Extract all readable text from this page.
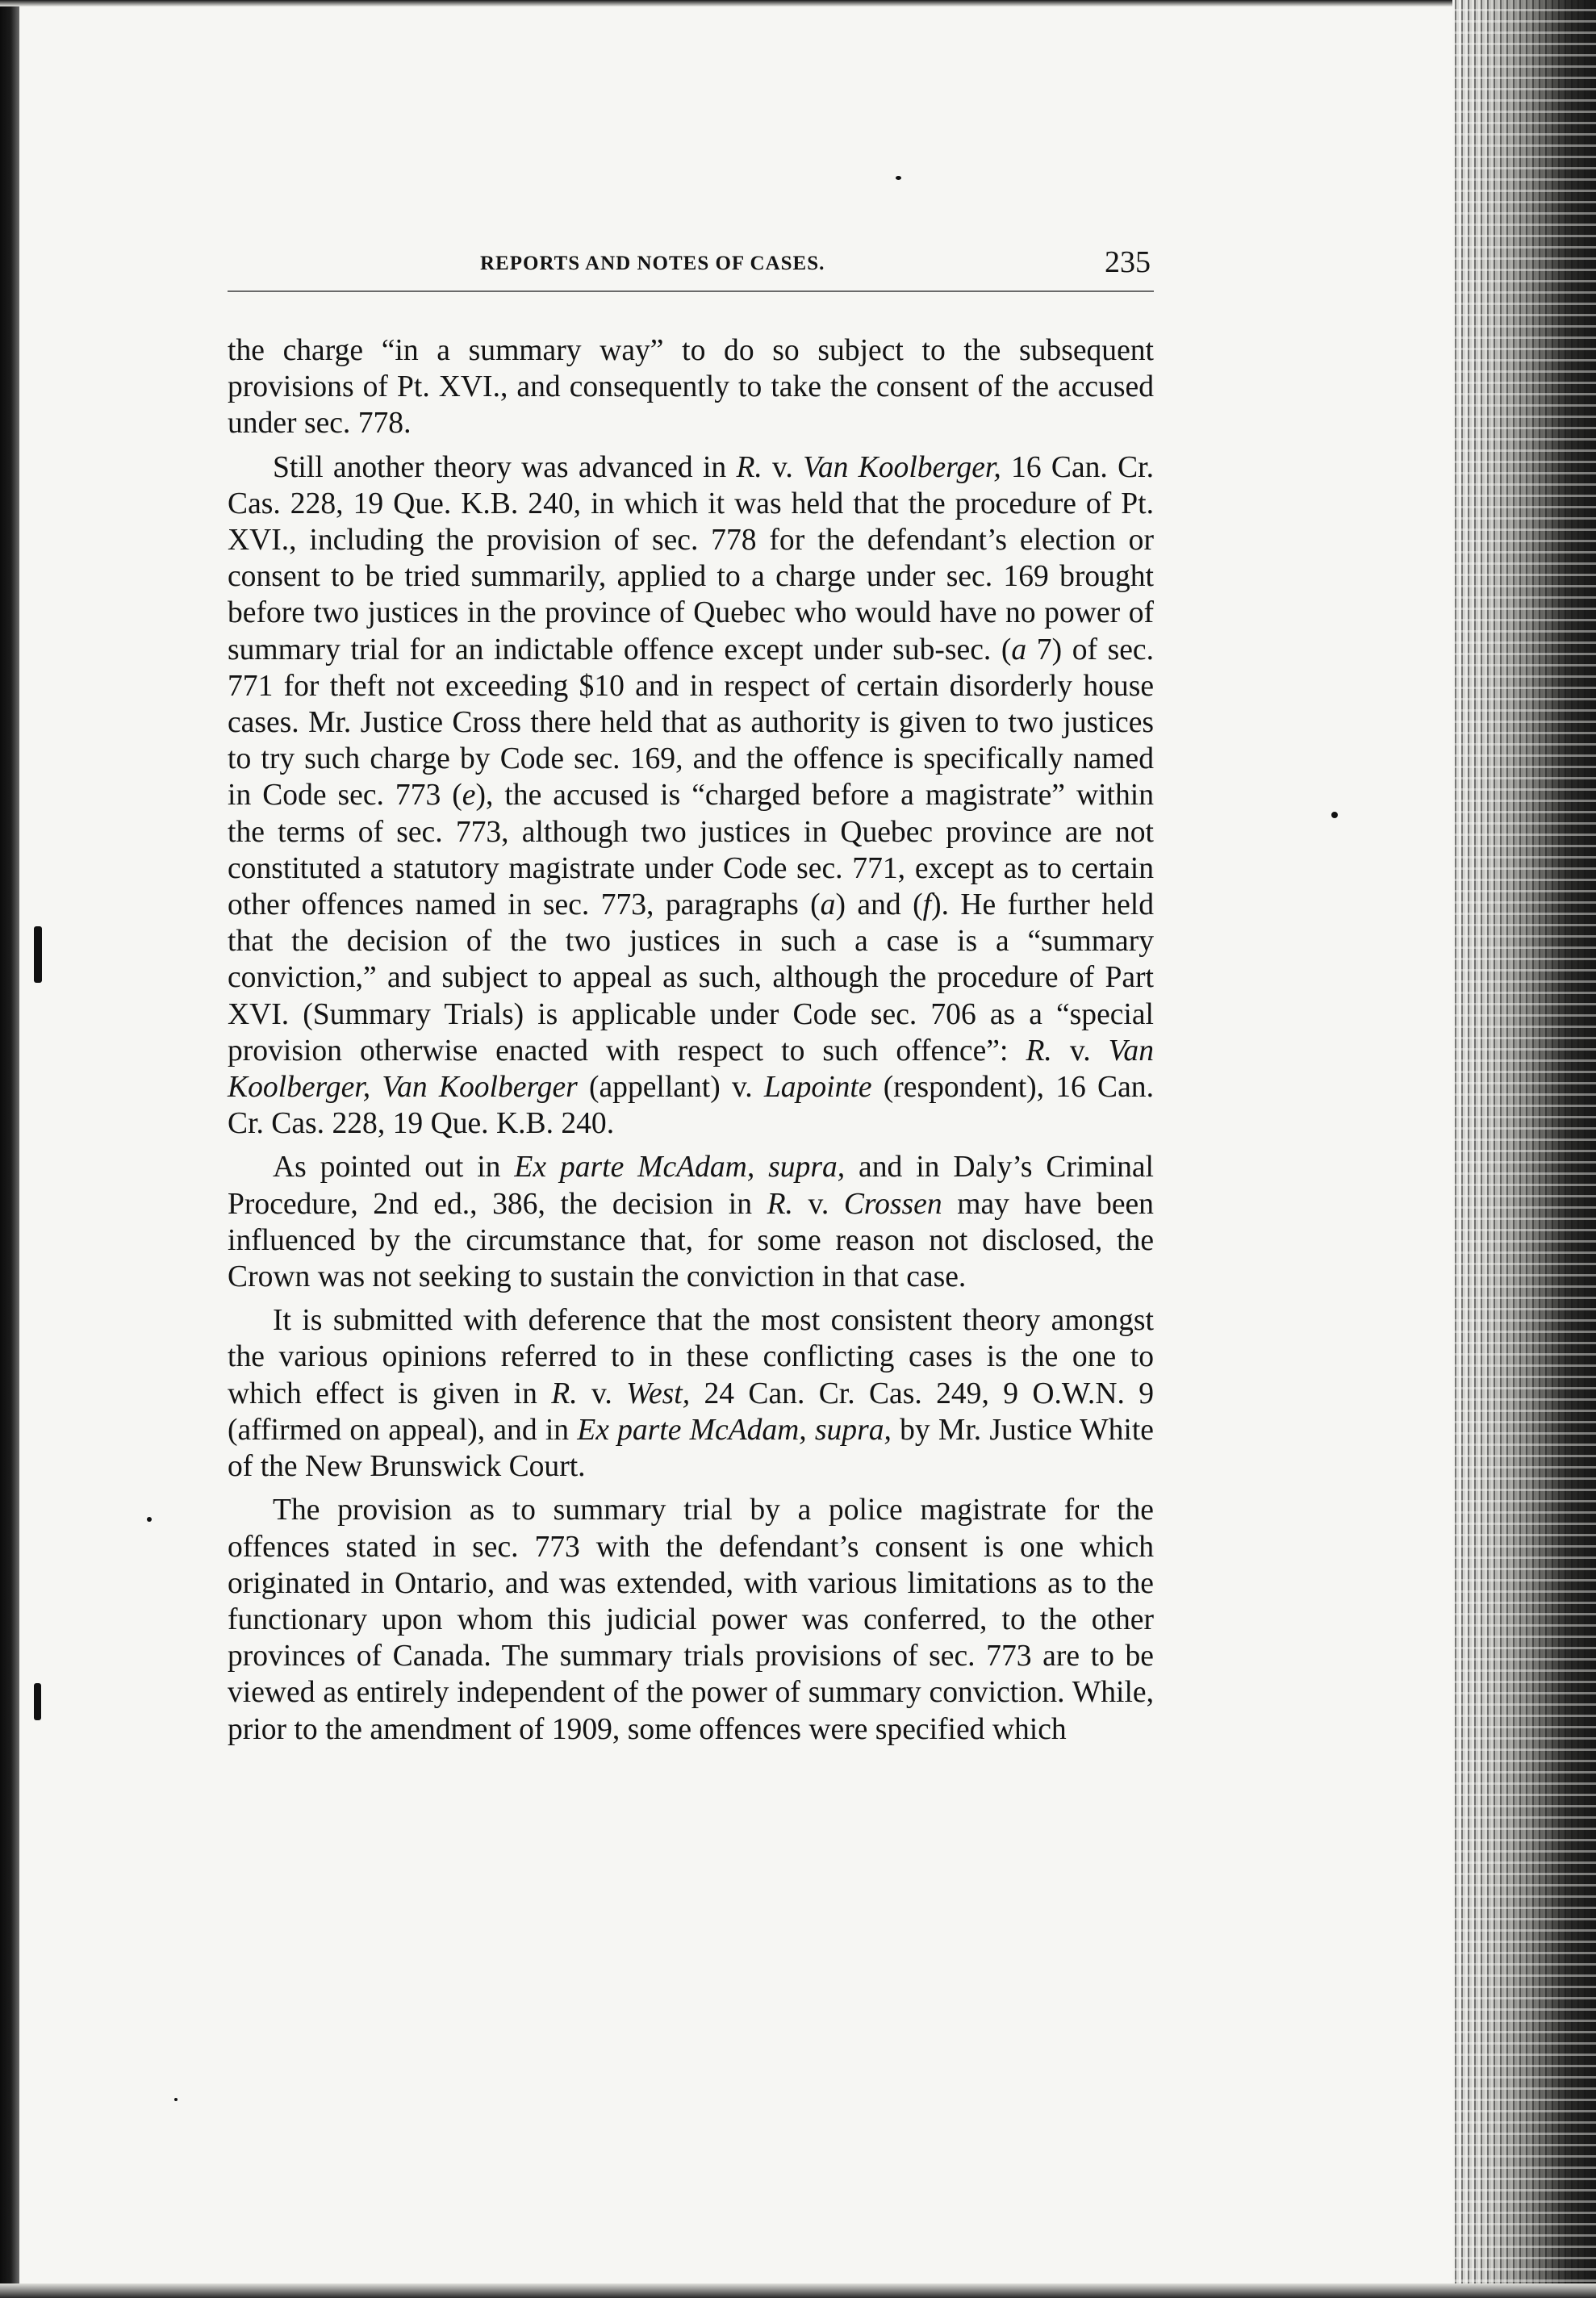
REPORTS AND NOTES OF CASES.	235

the charge “in a summary way” to do so subject to the subsequent provisions of Pt. XVI., and consequently to take the consent of the accused under sec. 778.

Still another theory was advanced in R. v. Van Koolberger, 16 Can. Cr. Cas. 228, 19 Que. K.B. 240, in which it was held that the procedure of Pt. XVI., including the provision of sec. 778 for the defendant’s election or consent to be tried summarily, applied to a charge under sec. 169 brought before two justices in the province of Quebec who would have no power of summary trial for an indictable offence except under sub-sec. (a 7) of sec. 771 for theft not exceeding $10 and in respect of certain disorderly house cases. Mr. Justice Cross there held that as authority is given to two justices to try such charge by Code sec. 169, and the offence is specifically named in Code sec. 773 (e), the accused is “charged before a magistrate” within the terms of sec. 773, although two justices in Quebec province are not constituted a statutory magistrate under Code sec. 771, except as to certain other offences named in sec. 773, paragraphs (a) and (f). He further held that the decision of the two justices in such a case is a “summary conviction,” and subject to appeal as such, although the procedure of Part XVI. (Summary Trials) is applicable under Code sec. 706 as a “special provision otherwise enacted with respect to such offence”: R. v. Van Koolberger, Van Koolberger (appellant) v. Lapointe (respondent), 16 Can. Cr. Cas. 228, 19 Que. K.B. 240.

As pointed out in Ex parte McAdam, supra, and in Daly’s Criminal Procedure, 2nd ed., 386, the decision in R. v. Crossen may have been influenced by the circumstance that, for some reason not disclosed, the Crown was not seeking to sustain the conviction in that case.

It is submitted with deference that the most consistent theory amongst the various opinions referred to in these conflicting cases is the one to which effect is given in R. v. West, 24 Can. Cr. Cas. 249, 9 O.W.N. 9 (affirmed on appeal), and in Ex parte McAdam, supra, by Mr. Justice White of the New Brunswick Court.

The provision as to summary trial by a police magistrate for the offences stated in sec. 773 with the defendant’s consent is one which originated in Ontario, and was extended, with various limitations as to the functionary upon whom this judicial power was conferred, to the other provinces of Canada. The summary trials provisions of sec. 773 are to be viewed as entirely independent of the power of summary conviction. While, prior to the amendment of 1909, some offences were specified which
